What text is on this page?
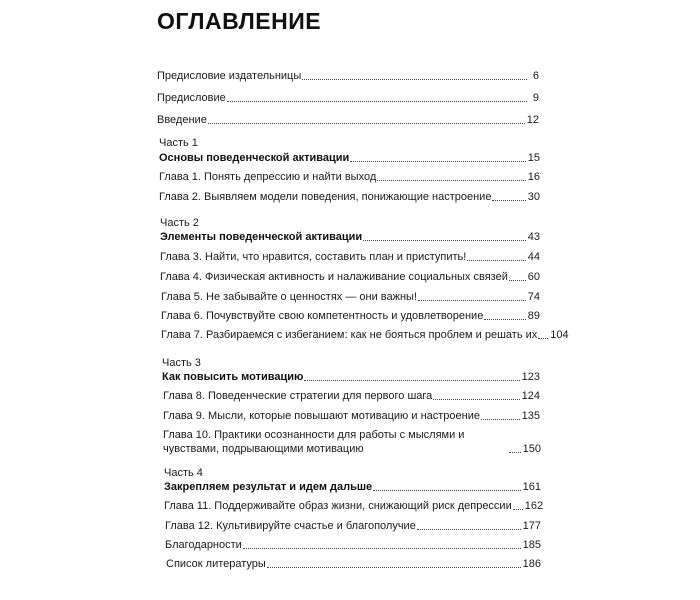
ОГЛАВЛЕНИЕ
Предисловие издательницы	6
Предисловие	9
Введение	12
Часть 1
Основы поведенческой активации	15
Глава 1. Понять депрессию и найти выход	16
Глава 2. Выявляем модели поведения, понижающие настроение	30
Часть 2
Элементы поведенческой активации	43
Глава 3. Найти, что нравится, составить план и приступить!	44
Глава 4. Физическая активность и налаживание социальных связей 60
Глава 5. Не забывайте о ценностях — они важны!	74
Глава 6. Почувствуйте свою компетентность и удовлетворение	89
Глава 7. Разбираемся с избеганием: как не бояться проблем и решать их 104
Часть 3
Как повысить мотивацию	123
Глава 8. Поведенческие стратегии для первого шага	124
Глава 9. Мысли, которые повышают мотивацию и настроение	135
Глава 10. Практики осознанности для работы с мыслями и чувствами, подрывающими мотивацию	150
Часть 4
Закрепляем результат и идем дальше	161
Глава 11. Поддерживайте образ жизни, снижающий риск депрессии 162
Глава 12. Культивируйте счастье и благополучие	177
Благодарности	185
Список литературы	186
